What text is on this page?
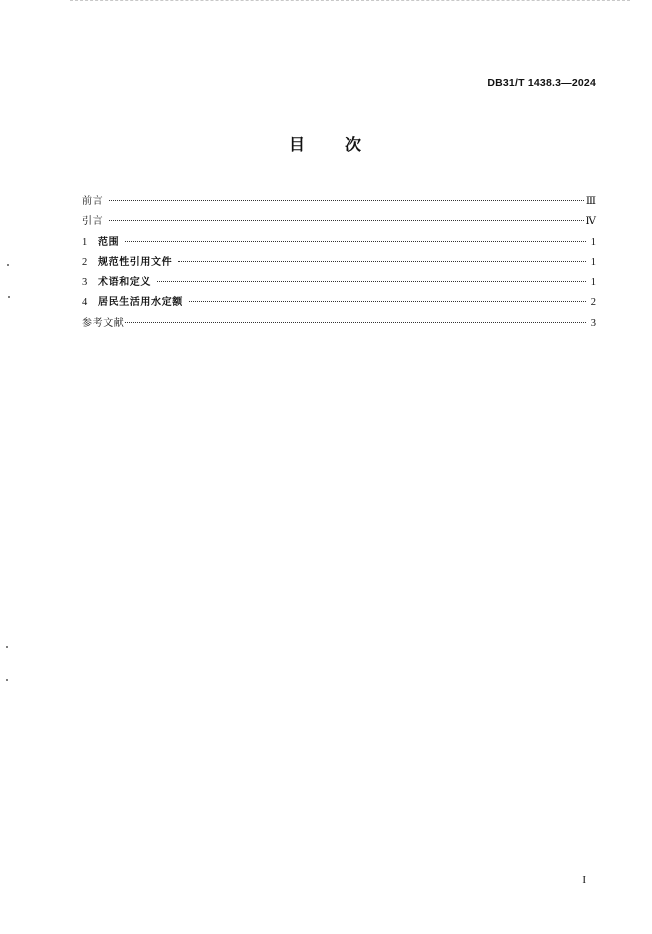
DB31/T 1438.3—2024
目 次
前言	Ⅲ
引言	Ⅳ
1	范围	1
2	规范性引用文件	1
3	术语和定义	1
4	居民生活用水定额	2
参考文献	3
I
